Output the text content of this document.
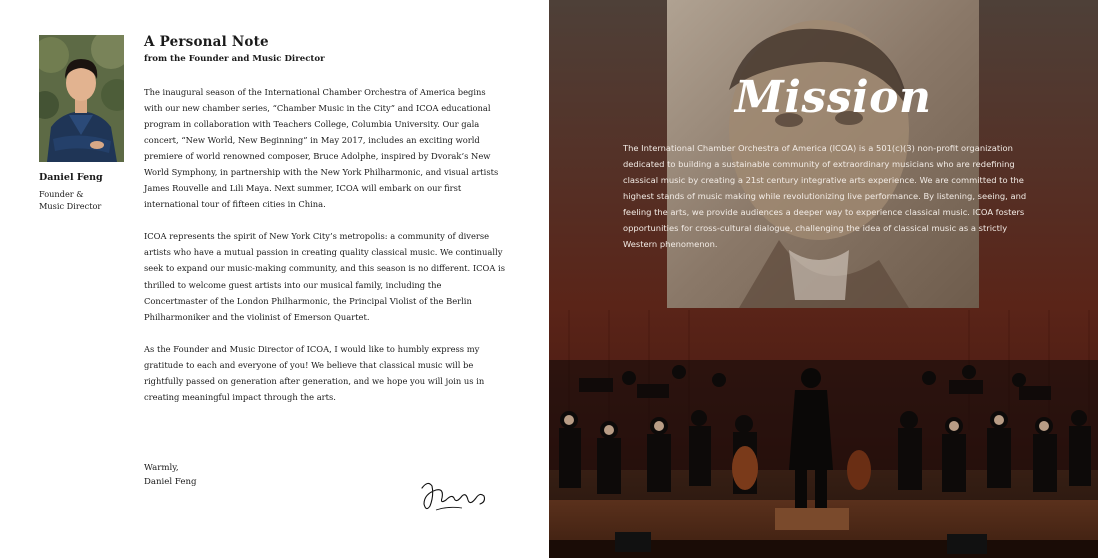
Daniel Feng
Founder &
Music Director
A Personal Note
from the Founder and Music Director

The inaugural season of the International Chamber Orchestra of America begins with our new chamber series, “Chamber Music in the City” and ICOA educational program in collaboration with Teachers College, Columbia University. Our gala concert, “New World, New Beginning” in May 2017, includes an exciting world premiere of world renowned composer, Bruce Adolphe, inspired by Dvorak’s New World Symphony, in partnership with the New York Philharmonic, and visual artists James Rouvelle and Lili Maya. Next summer, ICOA will embark on our first international tour of fifteen cities in China.

ICOA represents the spirit of New York City’s metropolis: a community of diverse artists who have a mutual passion in creating quality classical music. We continually seek to expand our music-making community, and this season is no different. ICOA is thrilled to welcome guest artists into our musical family, including the Concertmaster of the London Philharmonic, the Principal Violist of the Berlin Philharmoniker and the violinist of Emerson Quartet.

As the Founder and Music Director of ICOA, I would like to humbly express my gratitude to each and everyone of you! We believe that classical music will be rightfully passed on generation after generation, and we hope you will join us in creating meaningful impact through the arts.

Warmly,
Daniel Feng
Mission
The International Chamber Orchestra of America (ICOA) is a 501(c)(3) non-profit organization dedicated to building a sustainable community of extraordinary musicians who are redefining classical music by creating a 21st century integrative arts experience. We are committed to the highest stands of music making while revolutionizing live performance. By listening, seeing, and feeling the arts, we provide audiences a deeper way to experience classical music. ICOA fosters opportunities for cross-cultural dialogue, challenging the idea of classical music as a strictly Western phenomenon.
